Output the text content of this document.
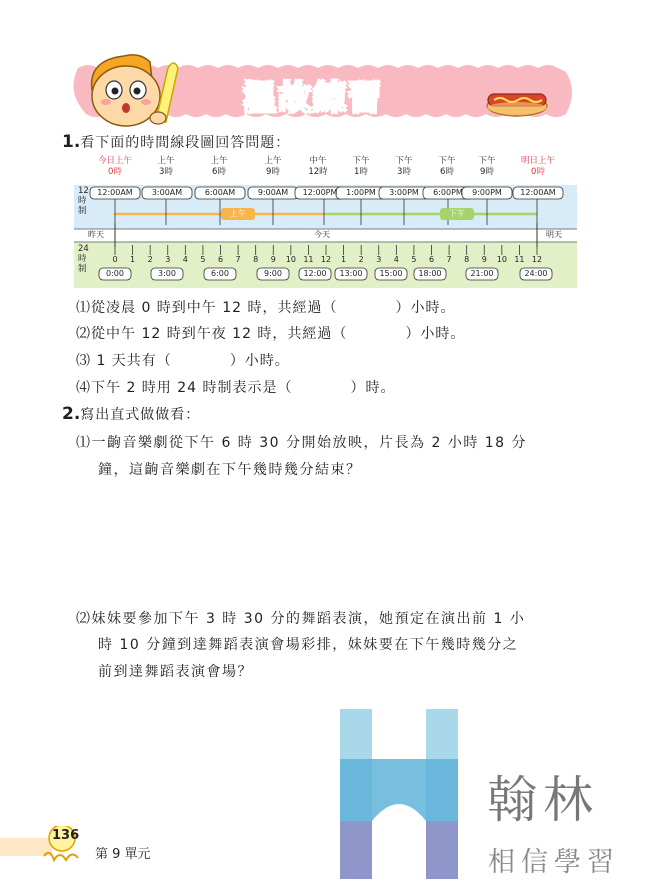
溫故練習
1.看下面的時間線段圖回答問題：
今日上午
0時
上午
3時
上午
6時
上午
9時
中午
12時
下午
1時
下午
3時
下午
6時
下午
9時
明日上午
0時
12
時
制
24
時
制
12:00AM	3:00AM	6:00AM	9:00AM	12:00PM	1:00PM	3:00PM	6:00PM	9:00PM	12:00AM
上午	下午
昨天	今天	明天
0	1	2	3	4	5	6	7	8	9	10 11 12	1	2	3	4	5	6	7	8	9	10 11 12
0:00	3:00	6:00	9:00	12:00	13:00	15:00	18:00	21:00	24:00
⑴從凌晨 0 時到中午 12 時，共經過（	）小時。
⑵從中午 12 時到午夜 12 時，共經過（	）小時。
⑶ 1 天共有（	）小時。
⑷下午 2 時用 24 時制表示是（	）時。
2.寫出直式做做看：
⑴一齣音樂劇從下午 6 時 30 分開始放映，片長為 2 小時 18 分
鐘，這齣音樂劇在下午幾時幾分結束？
⑵妹妹要參加下午 3 時 30 分的舞蹈表演，她預定在演出前 1 小
時 10 分鐘到達舞蹈表演會場彩排，妹妹要在下午幾時幾分之
前到達舞蹈表演會場？
翰林
相信學習
136
第 9 單元
